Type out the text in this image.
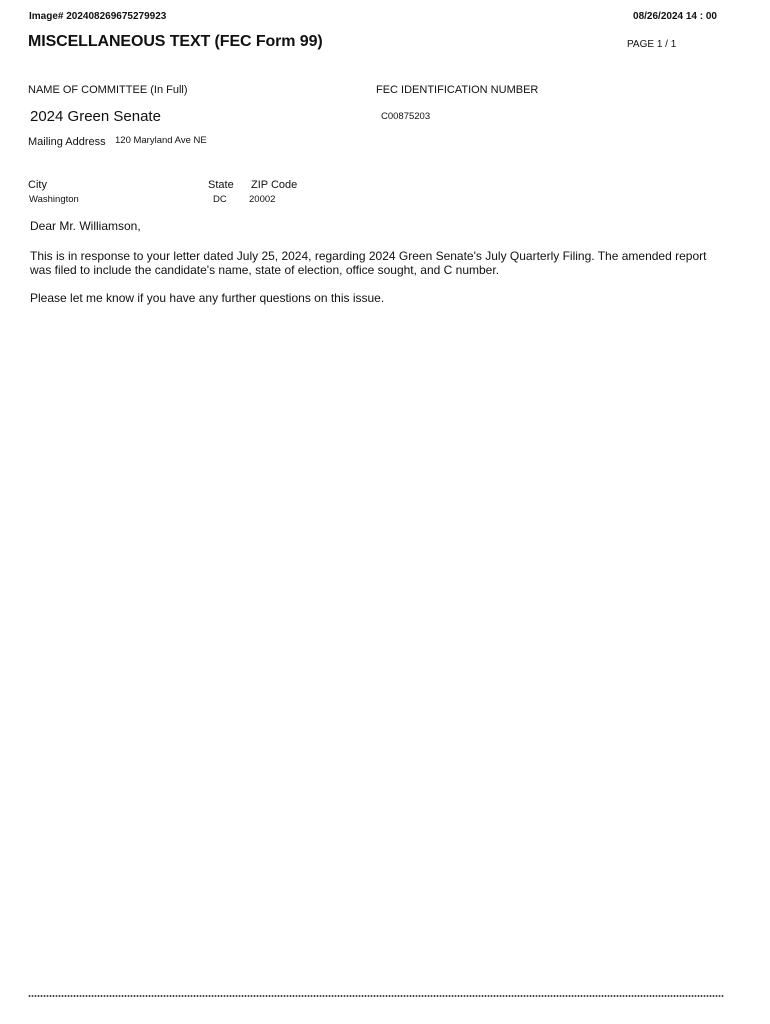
Image# 202408269675279923	08/26/2024 14 : 00
MISCELLANEOUS TEXT (FEC Form 99)	PAGE 1 / 1
NAME OF COMMITTEE (In Full)	FEC IDENTIFICATION NUMBER
2024 Green Senate	C00875203
Mailing Address 120 Maryland Ave NE
City	State ZIP Code
Washington	DC 20002

Dear Mr. Williamson,

This is in response to your letter dated July 25, 2024, regarding 2024 Green Senate's July Quarterly Filing. The amended report was filed to include the candidate's name, state of election, office sought, and C number.

Please let me know if you have any further questions on this issue.
